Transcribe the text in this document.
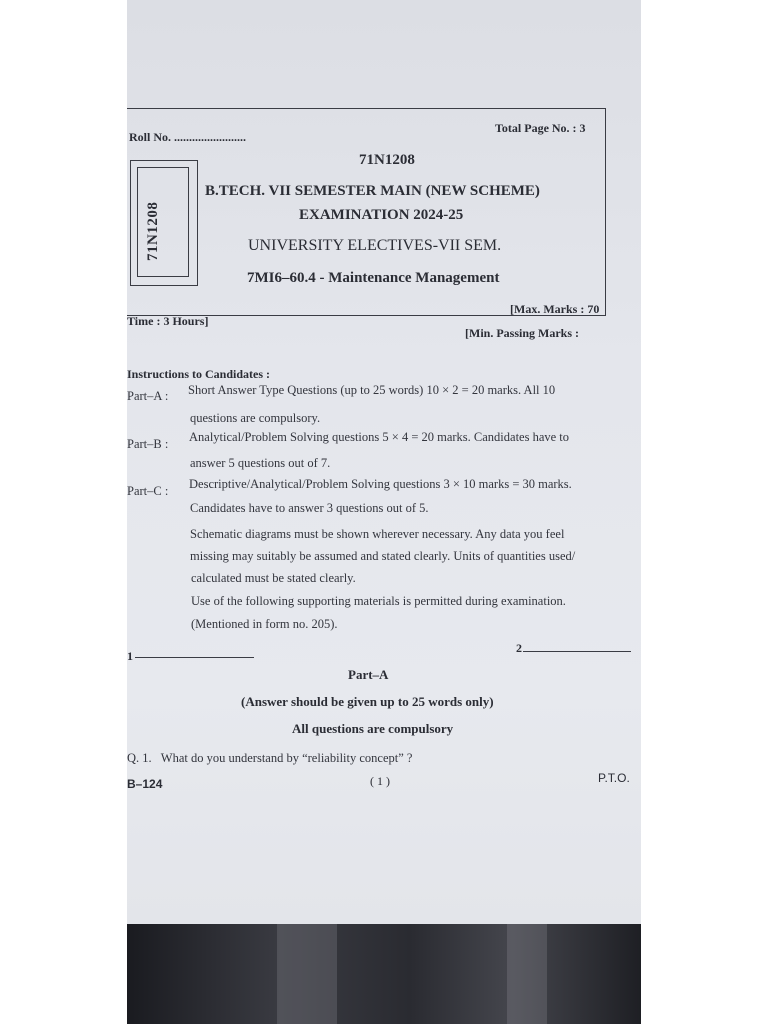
Roll No. ........................
Total Page No. : 3
71N1208
71N1208
B.TECH. VII SEMESTER MAIN (NEW SCHEME)
EXAMINATION 2024-25
UNIVERSITY ELECTIVES-VII SEM.
7MI6–60.4 - Maintenance Management
Time : 3 Hours]
[Max. Marks : 70
[Min. Passing Marks :
Instructions to Candidates :
Part–A : Short Answer Type Questions (up to 25 words) 10 × 2 = 20 marks. All 10
questions are compulsory.
Part–B : Analytical/Problem Solving questions 5 × 4 = 20 marks. Candidates have to
answer 5 questions out of 7.
Part–C : Descriptive/Analytical/Problem Solving questions 3 × 10 marks = 30 marks.
Candidates have to answer 3 questions out of 5.
Schematic diagrams must be shown wherever necessary. Any data you feel
missing may suitably be assumed and stated clearly. Units of quantities used/
calculated must be stated clearly.
Use of the following supporting materials is permitted during examination.
(Mentioned in form no. 205).
1
2
Part–A
(Answer should be given up to 25 words only)
All questions are compulsory
Q. 1.   What do you understand by “reliability concept” ?
B–124	( 1 )	P.T.O.
